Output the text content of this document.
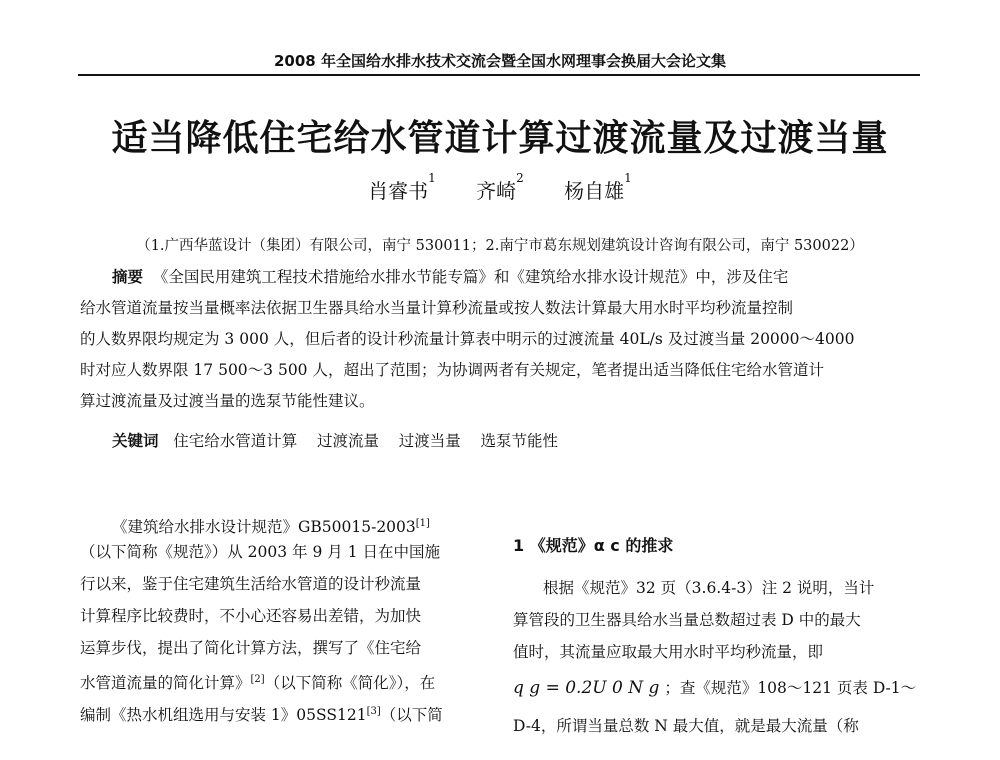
2008 年全国给水排水技术交流会暨全国水网理事会换届大会论文集
适当降低住宅给水管道计算过渡流量及过渡当量
肖睿书$^1$ 齐崎$^2$ 杨自雄$^1$
（1.广西华蓝设计（集团）有限公司，南宁 530011；2.南宁市葛东规划建筑设计咨询有限公司，南宁 530022）
摘要 《全国民用建筑工程技术措施给水排水节能专篇》和《建筑给水排水设计规范》中，涉及住宅
给水管道流量按当量概率法依据卫生器具给水当量计算秒流量或按人数法计算最大用水时平均秒流量控制
的人数界限均规定为 3 000 人，但后者的设计秒流量计算表中明示的过渡流量 40L/s 及过渡当量 20000～4000
时对应人数界限 17 500～3 500 人，超出了范围；为协调两者有关规定，笔者提出适当降低住宅给水管道计
算过渡流量及过渡当量的选泵节能性建议。
关键词 住宅给水管道计算 过渡流量 过渡当量 选泵节能性
《建筑给水排水设计规范》GB50015-2003[1]
（以下简称《规范》）从 2003 年 9 月 1 日在中国施
行以来，鉴于住宅建筑生活给水管道的设计秒流量
计算程序比较费时，不小心还容易出差错，为加快
运算步伐，提出了简化计算方法，撰写了《住宅给
水管道流量的简化计算》[2]（以下简称《简化》），在
编制《热水机组选用与安装 1》05SS121[3]（以下简
1 《规范》α c 的推求
根据《规范》32 页（3.6.4-3）注 2 说明，当计
算管段的卫生器具给水当量总数超过表 D 中的最大
值时，其流量应取最大用水时平均秒流量，即
q g = 0.2U 0 N g ；查《规范》108～121 页表 D-1～
D-4，所谓当量总数 N 最大值，就是最大流量（称
